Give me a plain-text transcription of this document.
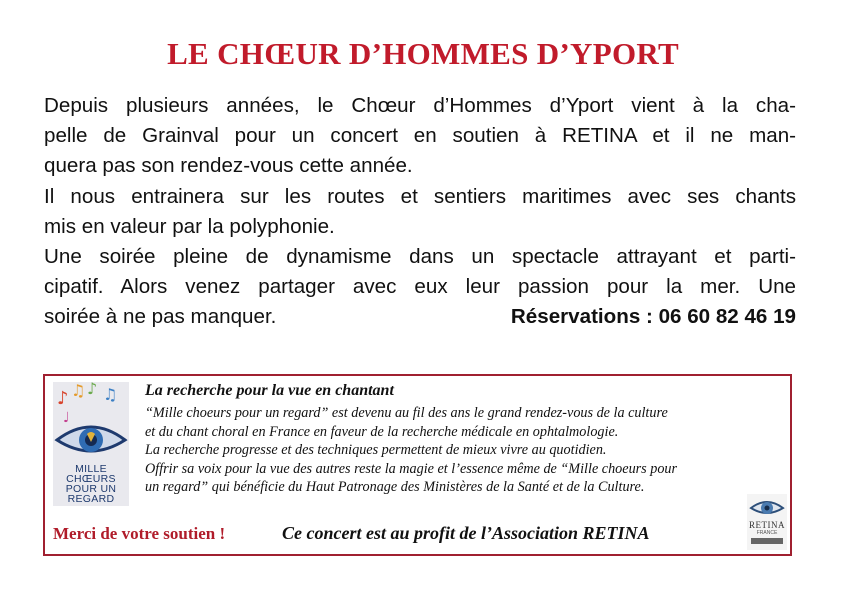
LE CHŒUR D’HOMMES D’YPORT
Depuis plusieurs années, le Chœur d’Hommes d’Yport vient à la cha-
pelle de Grainval pour un concert en soutien à RETINA et il ne man-
quera pas son rendez-vous cette année.
Il nous entrainera sur les routes et sentiers maritimes avec ses chants
mis en valeur par la polyphonie.
Une soirée pleine de dynamisme dans un spectacle attrayant et parti-
cipatif. Alors venez partager avec eux leur passion pour la mer. Une
soirée à ne pas manquer.	Réservations : 06 60 82 46 19
♪ ♫ ♪ ♫
♩
MILLE
CHŒURS
POUR UN
REGARD
La recherche pour la vue en chantant
“Mille choeurs pour un regard” est devenu au fil des ans le grand rendez-vous de la culture
et du chant choral en France en faveur de la recherche médicale en ophtalmologie.
La recherche progresse et des techniques permettent de mieux vivre au quotidien.
Offrir sa voix pour la vue des autres reste la magie et l’essence même de “Mille choeurs pour
un regard” qui bénéficie du Haut Patronage des Ministères de la Santé et de la Culture.
Merci de votre soutien !	Ce concert est au profit de l’Association RETINA	RETINA
FRANCE
